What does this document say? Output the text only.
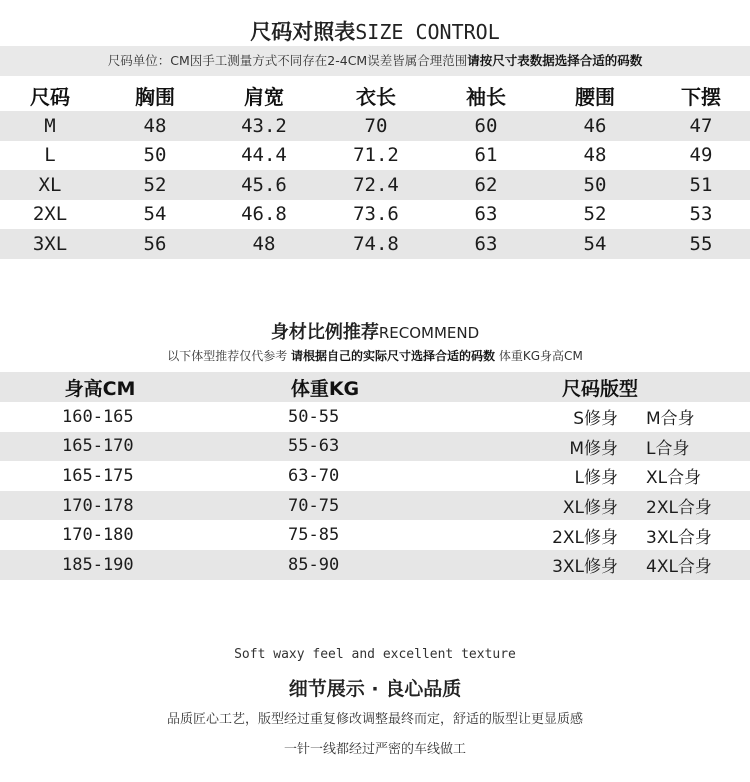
尺码对照表SIZE CONTROL
尺码单位：CM因手工测量方式不同存在2-4CM误差皆属合理范围请按尺寸表数据选择合适的码数
尺码	胸围	肩宽	衣长	袖长	腰围	下摆
M	48	43.2	70	60	46	47
L	50	44.4	71.2	61	48	49
XL	52	45.6	72.4	62	50	51
2XL	54	46.8	73.6	63	52	53
3XL	56	48	74.8	63	54	55
身材比例推荐RECOMMEND
以下体型推荐仅代参考 请根据自己的实际尺寸选择合适的码数 体重KG身高CM
身高CM	体重KG	尺码版型	
160-165	50-55	S修身	M合身
165-170	55-63	M修身	L合身
165-175	63-70	L修身	XL合身
170-178	70-75	XL修身	2XL合身
170-180	75-85	2XL修身	3XL合身
185-190	85-90	3XL修身	4XL合身
Soft waxy feel and excellent texture
细节展示 · 良心品质
品质匠心工艺，版型经过重复修改调整最终而定，舒适的版型让更显质感
一针一线都经过严密的车线做工
